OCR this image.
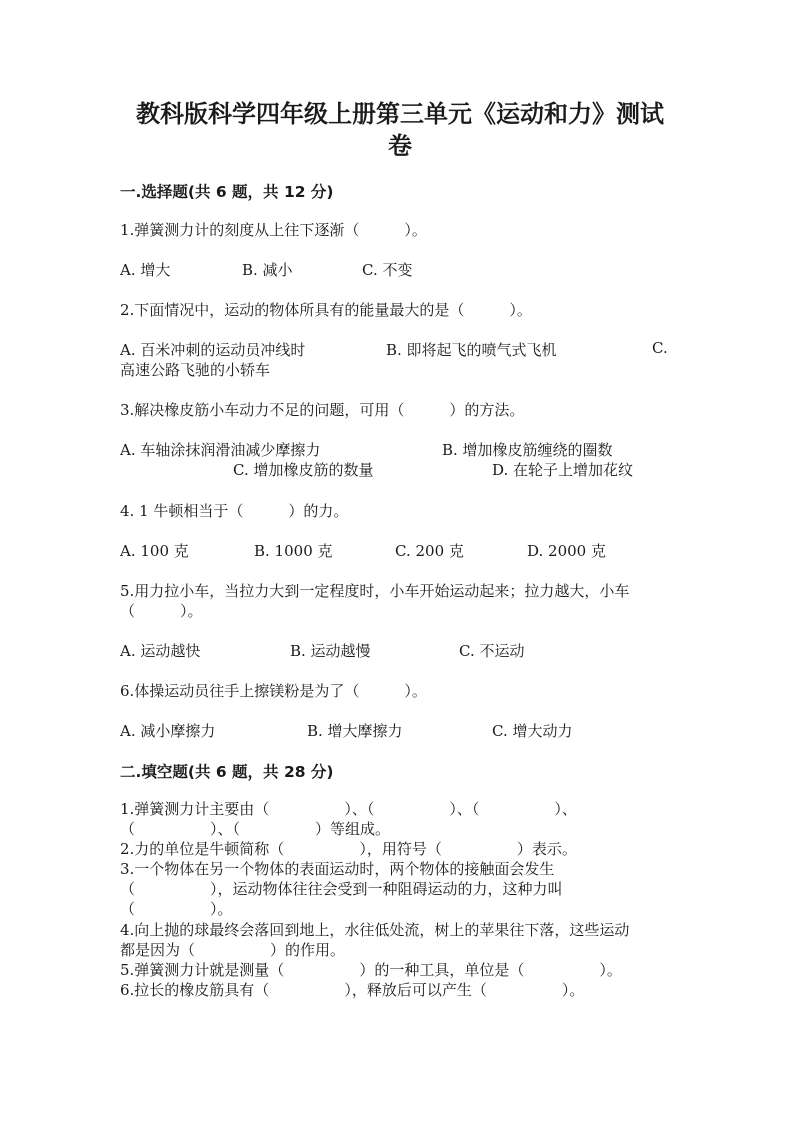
教科版科学四年级上册第三单元《运动和力》测试
卷
一.选择题(共 6 题，共 12 分)
1.弹簧测力计的刻度从上往下逐渐（　　　）。
A. 增大	B. 减小	C. 不变
2.下面情况中，运动的物体所具有的能量最大的是（　　　）。
A. 百米冲刺的运动员冲线时	B. 即将起飞的喷气式飞机	C.
高速公路飞驰的小轿车
3.解决橡皮筋小车动力不足的问题，可用（　　　）的方法。
A. 车轴涂抹润滑油减少摩擦力	B. 增加橡皮筋缠绕的圈数
C. 增加橡皮筋的数量	D. 在轮子上增加花纹
4. 1 牛顿相当于（　　　）的力。
A. 100 克	B. 1000 克	C. 200 克	D. 2000 克
5.用力拉小车，当拉力大到一定程度时，小车开始运动起来；拉力越大，小车
（　　　）。
A. 运动越快	B. 运动越慢	C. 不运动
6.体操运动员往手上擦镁粉是为了（　　　）。
A. 减小摩擦力	B. 增大摩擦力	C. 增大动力
二.填空题(共 6 题，共 28 分)
1.弹簧测力计主要由（　　　　　）、（　　　　　）、（　　　　　）、
（　　　　　）、（　　　　　）等组成。
2.力的单位是牛顿简称（　　　　　），用符号（　　　　　）表示。
3.一个物体在另一个物体的表面运动时，两个物体的接触面会发生
（　　　　　），运动物体往往会受到一种阻碍运动的力，这种力叫
（　　　　　）。
4.向上抛的球最终会落回到地上，水往低处流，树上的苹果往下落，这些运动
都是因为（　　　　　）的作用。
5.弹簧测力计就是测量（　　　　　）的一种工具，单位是（　　　　　）。
6.拉长的橡皮筋具有（　　　　　），释放后可以产生（　　　　　）。
